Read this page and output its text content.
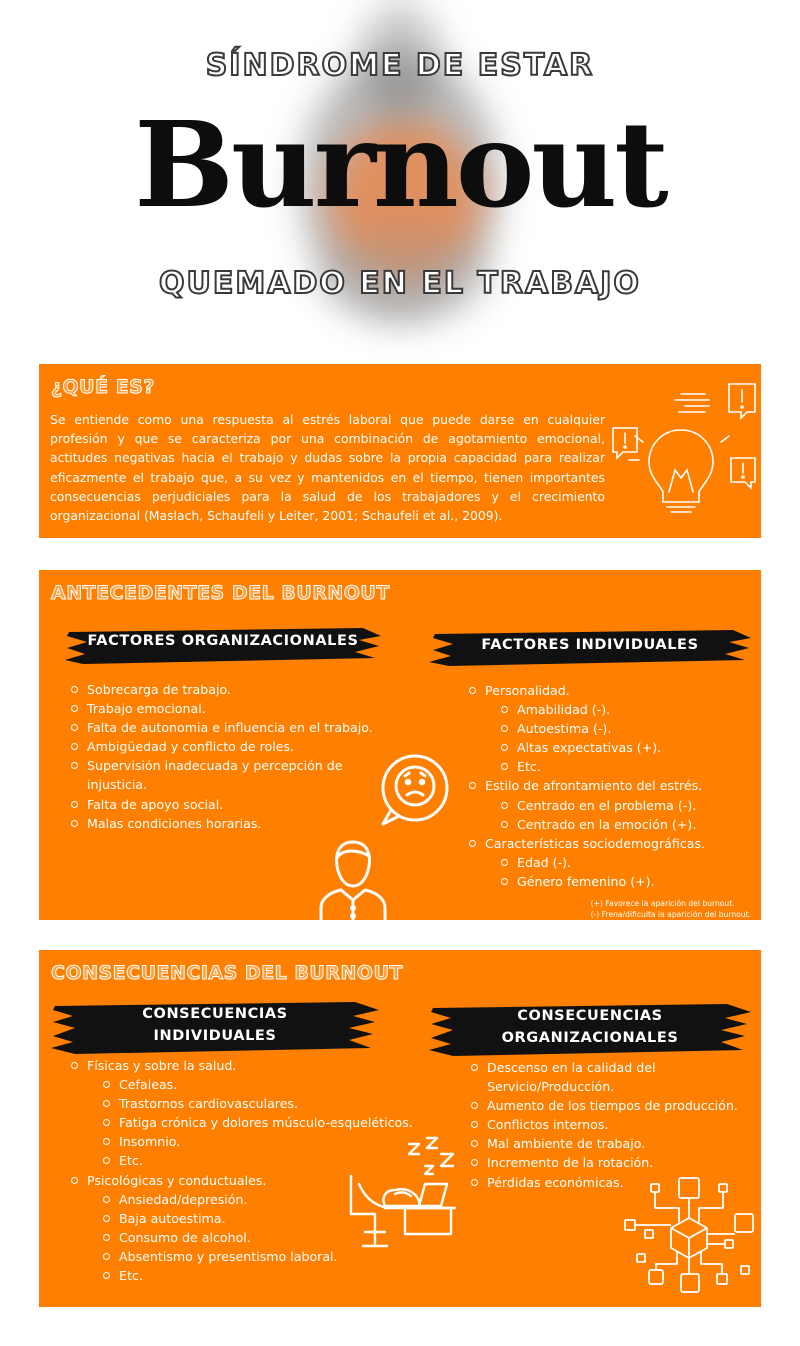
SÍNDROME DE ESTAR
Burnout
QUEMADO EN EL TRABAJO
¿QUÉ ES?
Se entiende como una respuesta al estrés laboral que puede darse en cualquier profesión y que se caracteriza por una combinación de agotamiento emocional, actitudes negativas hacia el trabajo y dudas sobre la propia capacidad para realizar eficazmente el trabajo que, a su vez y mantenidos en el tiempo, tienen importantes consecuencias perjudiciales para la salud de los trabajadores y el crecimiento organizacional (Maslach, Schaufeli y Leiter, 2001; Schaufeli et al., 2009).
ANTECEDENTES DEL BURNOUT
FACTORES ORGANIZACIONALES	FACTORES INDIVIDUALES
Sobrecarga de trabajo.
Trabajo emocional.
Falta de autonomia e influencia en el trabajo.
Ambigüedad y conflicto de roles.
Supervisión inadecuada y percepción de injusticia.
Falta de apoyo social.
Malas condiciones horarias.
Personalidad.
Amabilidad (-).
Autoestima (-).
Altas expectativas (+).
Etc.
Estilo de afrontamiento del estrés.
Centrado en el problema (-).
Centrado en la emoción (+).
Características sociodemográficas.
Edad (-).
Género femenino (+).
(+) Favorece la aparición del burnout.
(-) Frena/dificulta la aparición del burnout.
CONSECUENCIAS DEL BURNOUT
CONSECUENCIAS
INDIVIDUALES
CONSECUENCIAS
ORGANIZACIONALES
Físicas y sobre la salud.
Cefaleas.
Trastornos cardiovasculares.
Fatiga crónica y dolores músculo-esqueléticos.
Insomnio.
Etc.
Psicológicas y conductuales.
Ansiedad/depresión.
Baja autoestima.
Consumo de alcohol.
Absentismo y presentismo laboral.
Etc.
Descenso en la calidad del Servicio/Producción.
Aumento de los tiempos de producción.
Conflictos internos.
Mal ambiente de trabajo.
Incremento de la rotación.
Pérdidas económicas.
